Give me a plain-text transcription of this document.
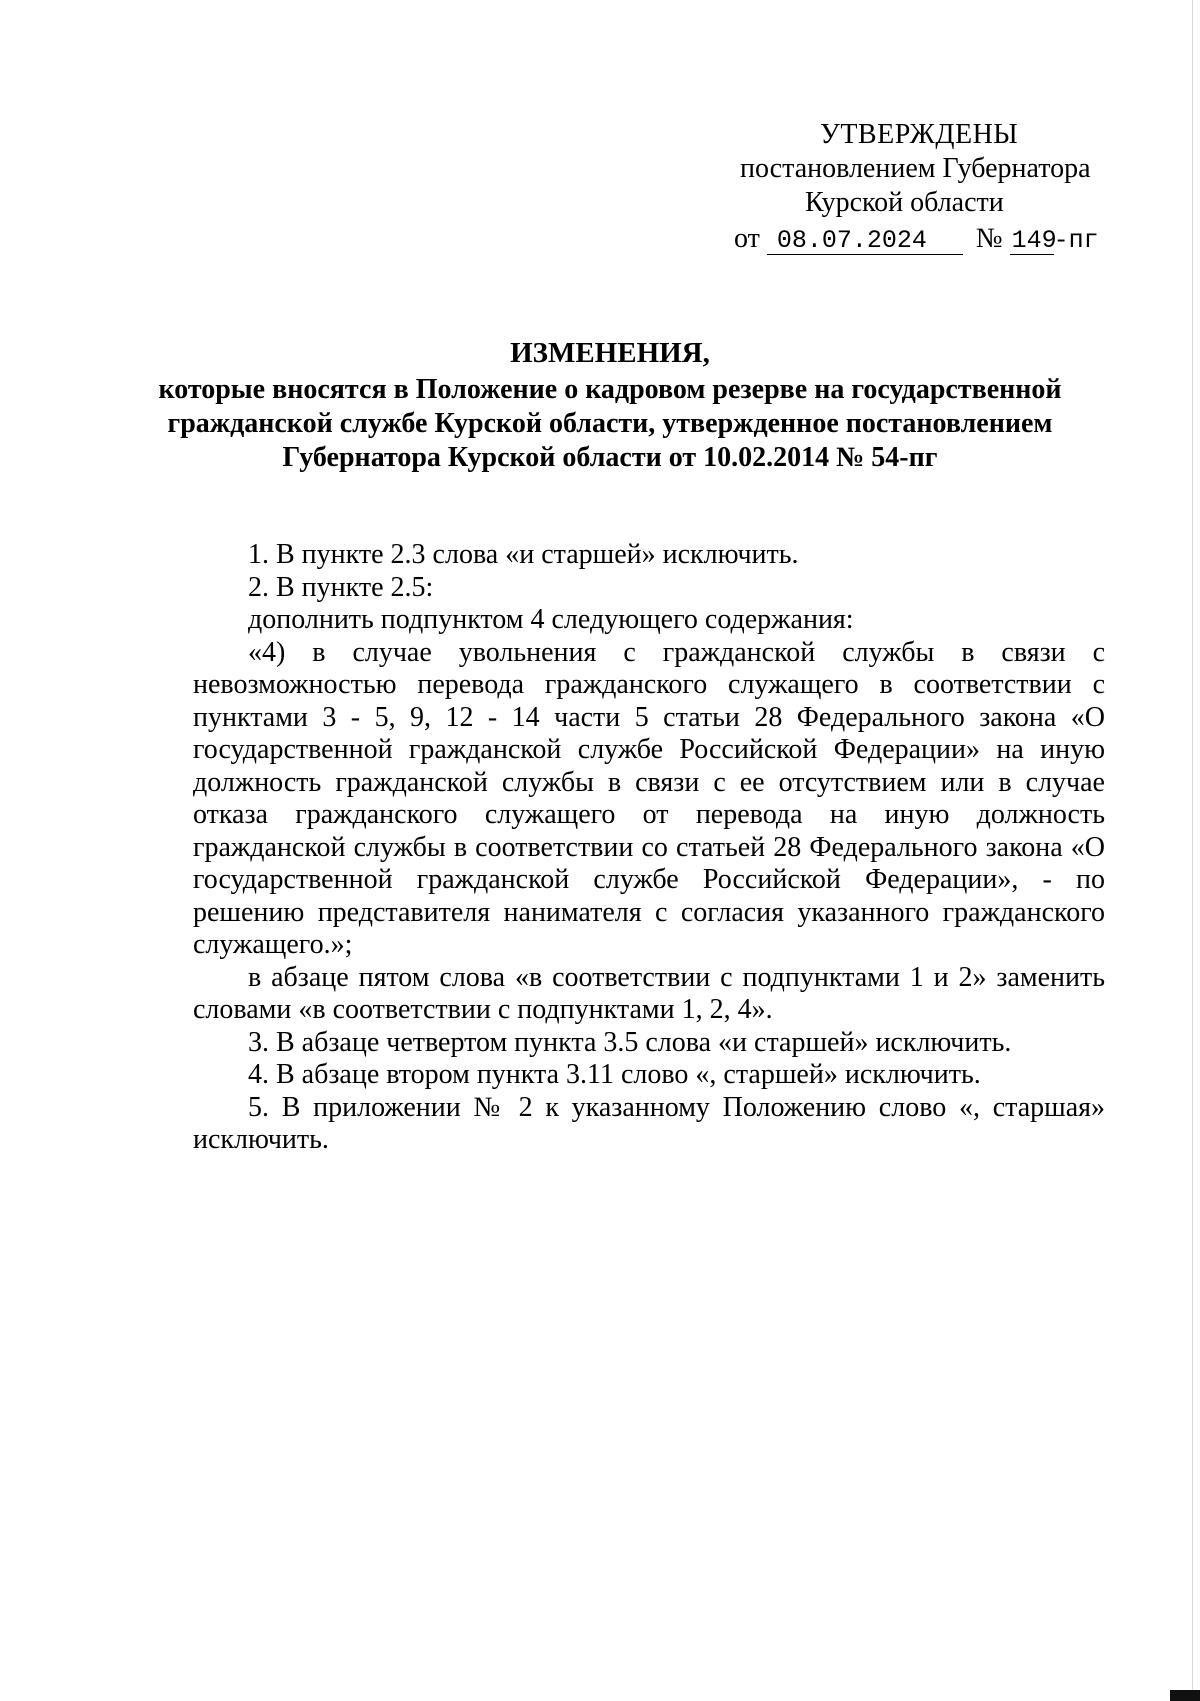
УТВЕРЖДЕНЫ
постановлением Губернатора
Курской области
от 08.07.2024 № 149-пг
ИЗМЕНЕНИЯ,
которые вносятся в Положение о кадровом резерве на государственной
гражданской службе Курской области, утвержденное постановлением
Губернатора Курской области от 10.02.2014 № 54-пг

1. В пункте 2.3 слова «и старшей» исключить.

2. В пункте 2.5:

дополнить подпунктом 4 следующего содержания:

«4) в случае увольнения с гражданской службы в связи с невозможностью перевода гражданского служащего в соответствии с пунктами 3 - 5, 9, 12 - 14 части 5 статьи 28 Федерального закона «О государственной гражданской службе Российской Федерации» на иную должность гражданской службы в связи с ее отсутствием или в случае отказа гражданского служащего от перевода на иную должность гражданской службы в соответствии со статьей 28 Федерального закона «О государственной гражданской службе Российской Федерации», - по решению представителя нанимателя с согласия указанного гражданского служащего.»;

в абзаце пятом слова «в соответствии с подпунктами 1 и 2» заменить словами «в соответствии с подпунктами 1, 2, 4».

3. В абзаце четвертом пункта 3.5 слова «и старшей» исключить.

4. В абзаце втором пункта 3.11 слово «, старшей» исключить.

5. В приложении № 2 к указанному Положению слово «, старшая» исключить.
